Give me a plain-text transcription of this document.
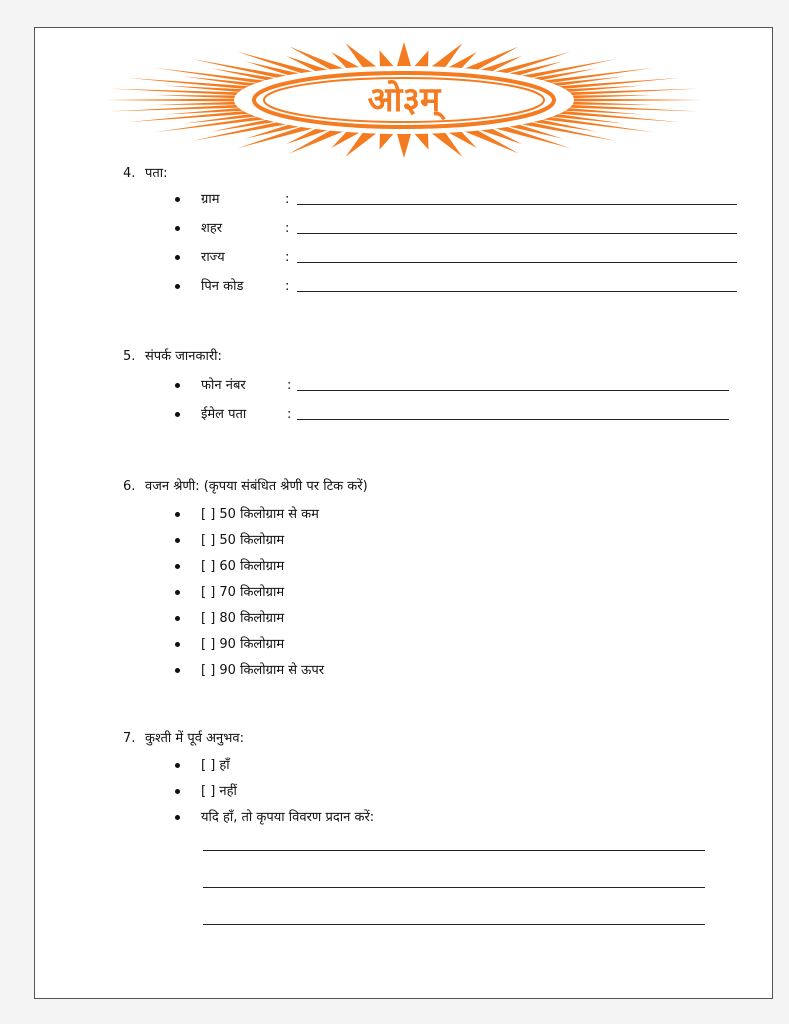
ओ३म्
4. पता:
ग्राम	:
शहर	:
राज्य	:
पिन कोड	:
5. संपर्क जानकारी:
फोन नंबर	:
ईमेल पता	:
6. वजन श्रेणी: (कृपया संबंधित श्रेणी पर टिक करें)
[ ] 50 किलोग्राम से कम
[ ] 50 किलोग्राम
[ ] 60 किलोग्राम
[ ] 70 किलोग्राम
[ ] 80 किलोग्राम
[ ] 90 किलोग्राम
[ ] 90 किलोग्राम से ऊपर
7. कुश्ती में पूर्व अनुभव:
[ ] हाँ
[ ] नहीं
यदि हाँ, तो कृपया विवरण प्रदान करें:
